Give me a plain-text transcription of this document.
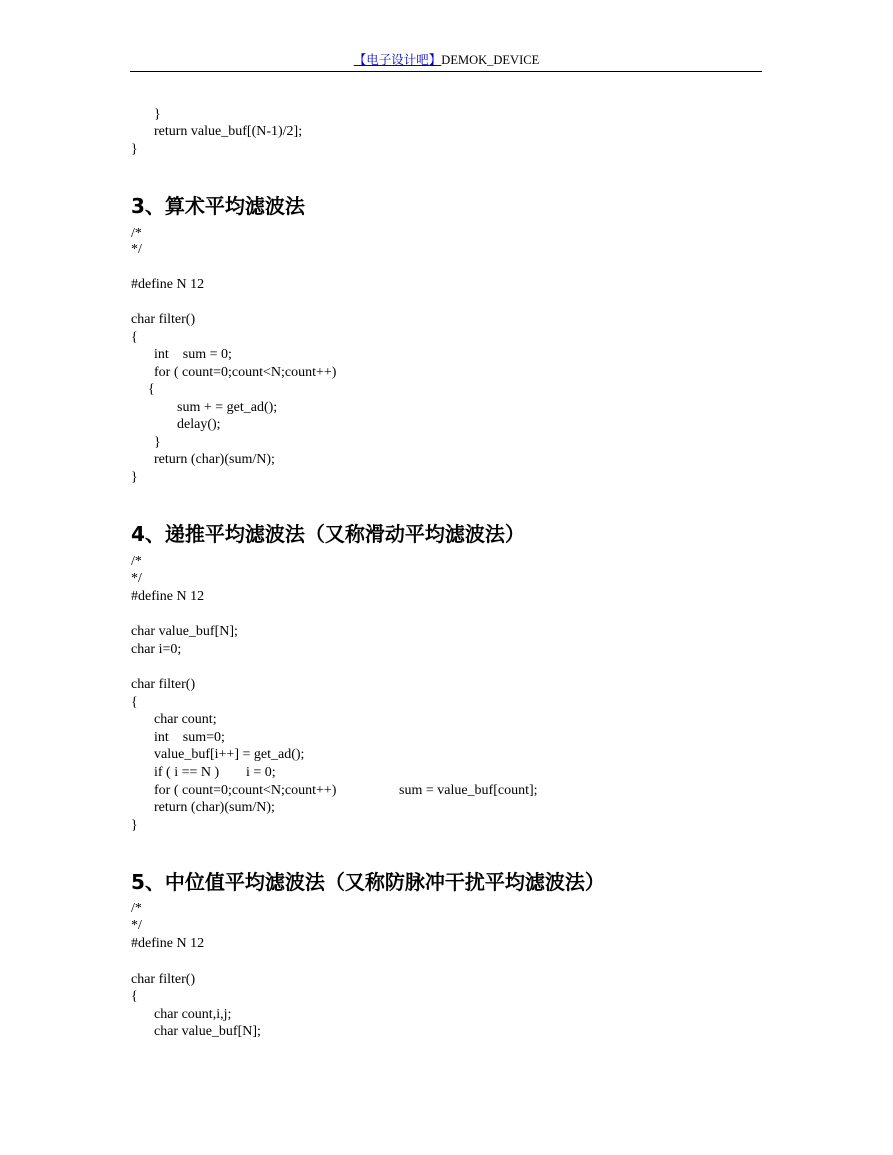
【电子设计吧】DEMOK_DEVICE
}
return value_buf[(N-1)/2];
}
3、算术平均滤波法
/*
*/
#define N 12
char filter()
{
int    sum = 0;
for ( count=0;count<N;count++)
{
sum + = get_ad();
delay();
}
return (char)(sum/N);
}
4、递推平均滤波法（又称滑动平均滤波法）
/*
*/
#define N 12
char value_buf[N];
char i=0;
char filter()
{
char count;
int    sum=0;
value_buf[i++] = get_ad();
if ( i == N ) i = 0;
for ( count=0;count<N;count++)	sum = value_buf[count];
return (char)(sum/N);
}
5、中位值平均滤波法（又称防脉冲干扰平均滤波法）
/*
*/
#define N 12
char filter()
{
char count,i,j;
char value_buf[N];
